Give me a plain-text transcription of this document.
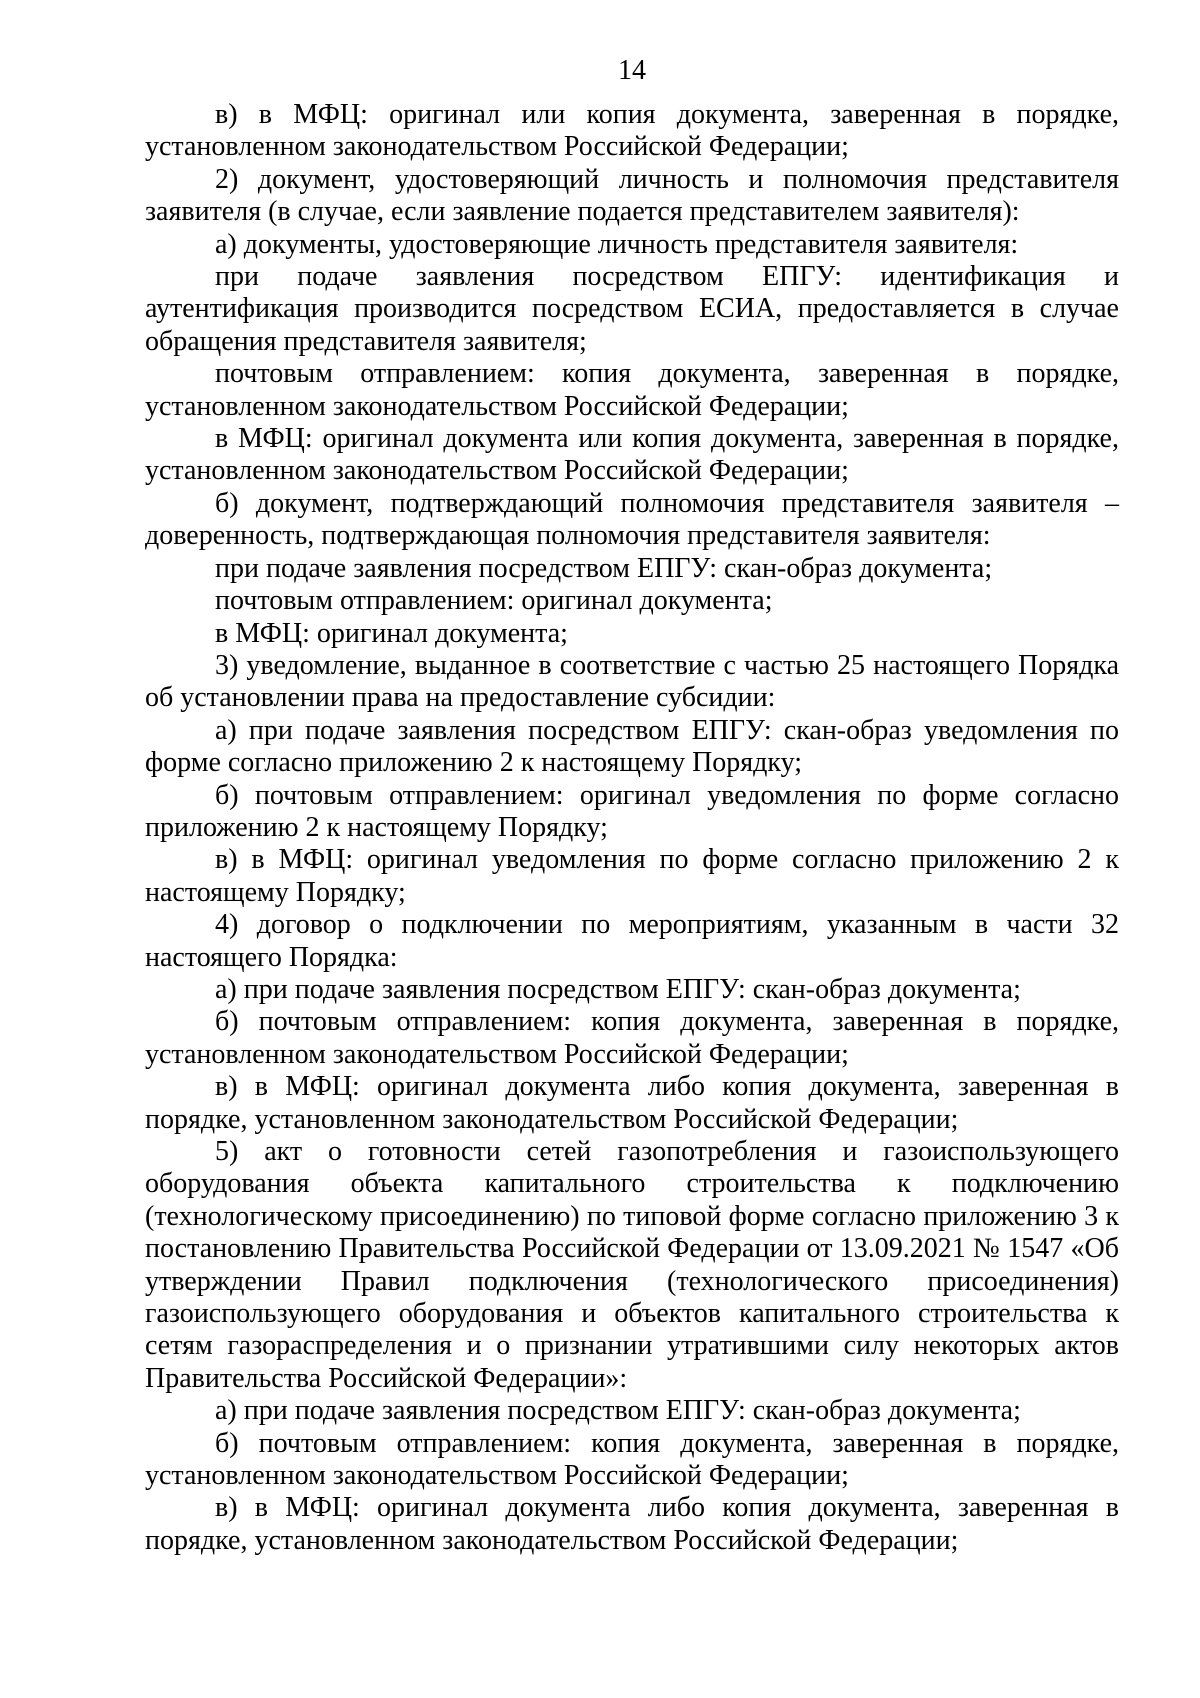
14

в) в МФЦ: оригинал или копия документа, заверенная в порядке, установленном законодательством Российской Федерации;

2) документ, удостоверяющий личность и полномочия представителя заявителя (в случае, если заявление подается представителем заявителя):

а) документы, удостоверяющие личность представителя заявителя:

при подаче заявления посредством ЕПГУ: идентификация и аутентификация производится посредством ЕСИА, предоставляется в случае обращения представителя заявителя;

почтовым отправлением: копия документа, заверенная в порядке, установленном законодательством Российской Федерации;

в МФЦ: оригинал документа или копия документа, заверенная в порядке, установленном законодательством Российской Федерации;

б) документ, подтверждающий полномочия представителя заявителя – доверенность, подтверждающая полномочия представителя заявителя:

при подаче заявления посредством ЕПГУ: скан-образ документа;

почтовым отправлением: оригинал документа;

в МФЦ: оригинал документа;

3) уведомление, выданное в соответствие с частью 25 настоящего Порядка об установлении права на предоставление субсидии:

а) при подаче заявления посредством ЕПГУ: скан-образ уведомления по форме согласно приложению 2 к настоящему Порядку;

б) почтовым отправлением: оригинал уведомления по форме согласно приложению 2 к настоящему Порядку;

в) в МФЦ: оригинал уведомления по форме согласно приложению 2 к настоящему Порядку;

4) договор о подключении по мероприятиям, указанным в части 32 настоящего Порядка:

а) при подаче заявления посредством ЕПГУ: скан-образ документа;

б) почтовым отправлением: копия документа, заверенная в порядке, установленном законодательством Российской Федерации;

в) в МФЦ: оригинал документа либо копия документа, заверенная в порядке, установленном законодательством Российской Федерации;

5) акт о готовности сетей газопотребления и газоиспользующего оборудования объекта капитального строительства к подключению (технологическому присоединению) по типовой форме согласно приложению 3 к постановлению Правительства Российской Федерации от 13.09.2021 № 1547 «Об утверждении Правил подключения (технологического присоединения) газоиспользующего оборудования и объектов капитального строительства к сетям газораспределения и о признании утратившими силу некоторых актов Правительства Российской Федерации»:

а) при подаче заявления посредством ЕПГУ: скан-образ документа;

б) почтовым отправлением: копия документа, заверенная в порядке, установленном законодательством Российской Федерации;

в) в МФЦ: оригинал документа либо копия документа, заверенная в порядке, установленном законодательством Российской Федерации;
